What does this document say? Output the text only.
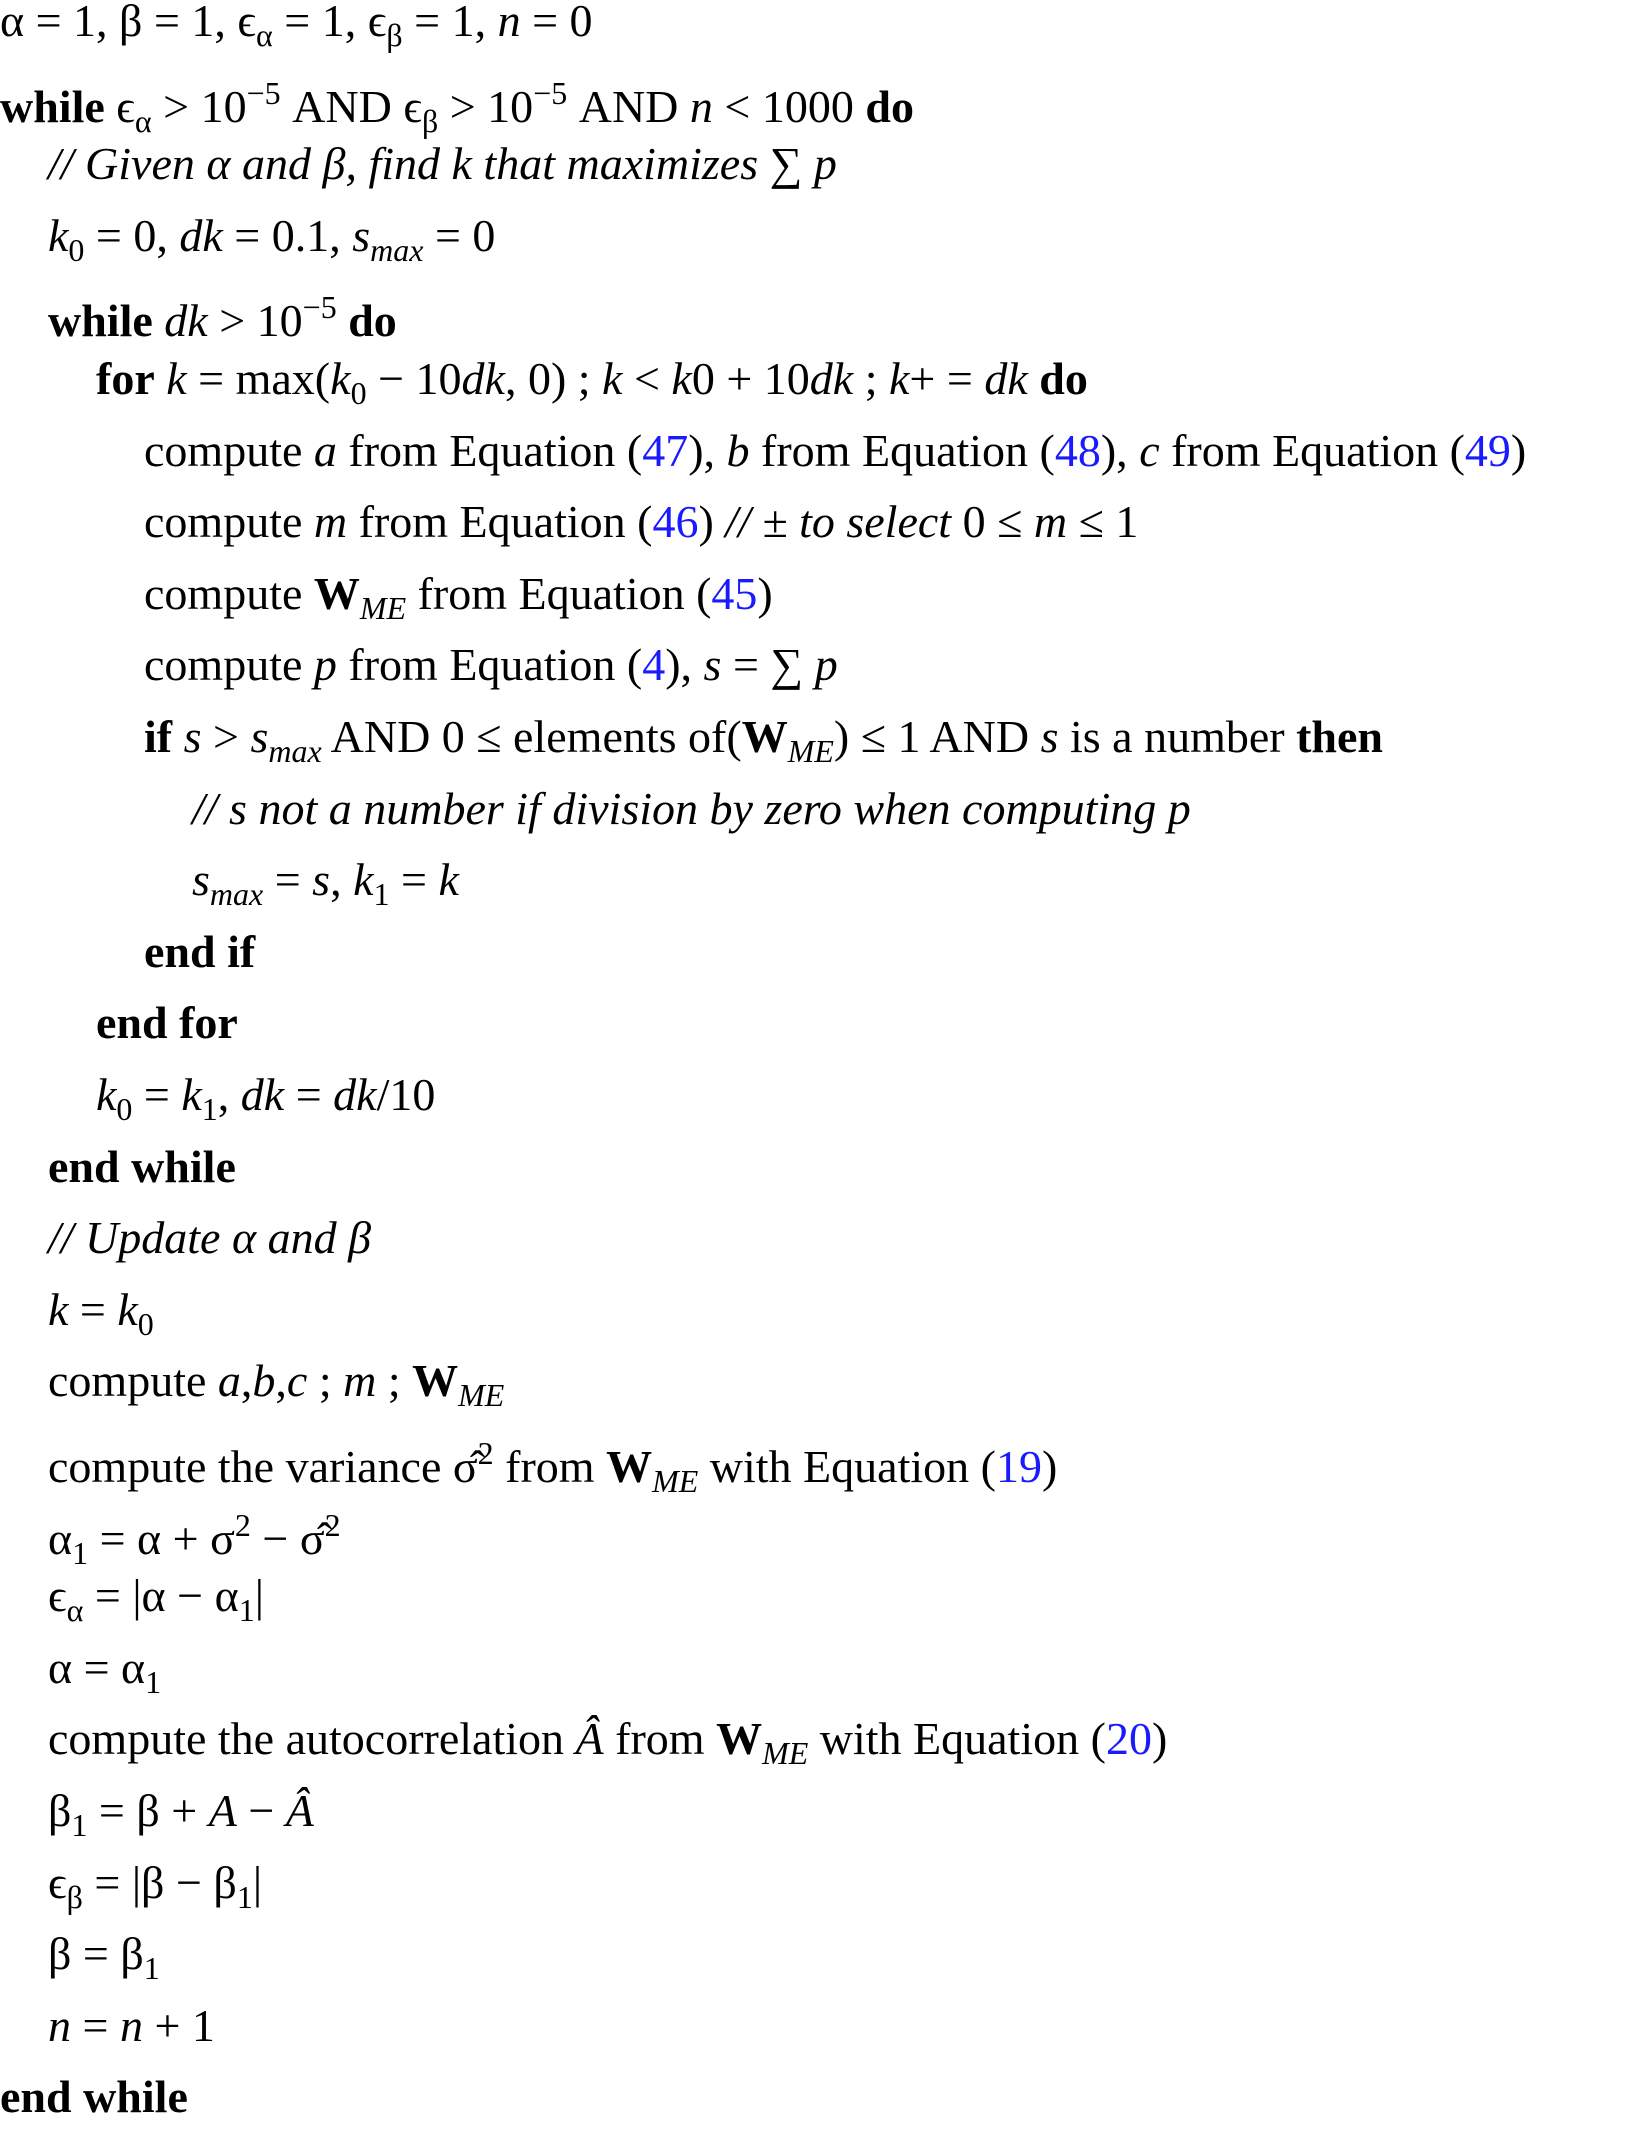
α = 1, β = 1, $\epsilon_\alpha = 1$, $\epsilon_\beta = 1$, n = 0
while $\epsilon_\alpha > 10^{-5}$ AND $\epsilon_\beta > 10^{-5}$ AND n < 1000 do
// Given α and β, find k that maximizes ∑ p
$k_0 = 0$, dk = 0.1, $s_{max} = 0$
while dk > $10^{-5}$ do
for $k = \max(k_0 - 10dk$, 0) ; k < k0 + 10dk ; k+ = dk do
compute a from Equation (47), b from Equation (48), c from Equation (49)
compute m from Equation (46) // ± to select 0 ≤ m ≤ 1
compute $W_{ME}$ from Equation (45)
compute p from Equation (4), s = ∑ p
if $s > s_{max}$ AND 0 ≤ elements $of(W_{ME}) \le 1$ AND s is a number then
// s not a number if division by zero when computing p
$s_{max} = s$, $k_1 = k$
end if
end for
$k_0 = k_1$, dk = dk/10
end while
// Update α and β
$k = k_0$
compute a,b,c ; m ; $W_{ME}$
compute the variance σ̂$^2$ from $W_{ME}$ with Equation (19)
$\alpha_1 = \alpha + \sigma^2$ − σ̂$^2$
$\epsilon_\alpha = |\alpha - \alpha_1|$
$\alpha = \alpha_1$
compute the autocorrelation Â from $W_{ME}$ with Equation (20)
$\beta_1 = \beta + A$ − Â
$\epsilon_\beta = |\beta - \beta_1|$
$\beta = \beta_1$
n = n + 1
end while
